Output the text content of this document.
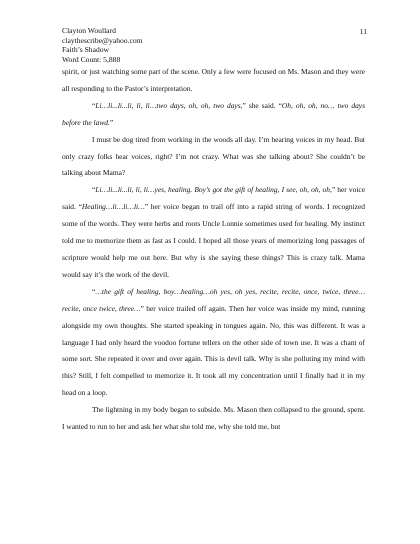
Clayton Woullard
claythescribe@yahoo.com
Faith’s Shadow
Word Count: 5,888
11

spirit, or just watching some part of the scene. Only a few were focused on Ms. Mason and they were all responding to the Pastor’s interpretation.

“Li…li...li...li, li, li…two days, oh, oh, two days,” she said. “Oh, oh, oh, no… two days before the lawd.”

I must be dog tired from working in the woods all day. I’m hearing voices in my head. But only crazy folks hear voices, right? I’m not crazy. What was she talking about? She couldn’t be talking about Mama?

“Li…li...li...li, li, li…yes, healing. Boy’s got the gift of healing, I see, oh, oh, oh,” her voice said. “Healing…li…li…li…” her voice began to trail off into a rapid string of words. I recognized some of the words. They were herbs and roots Uncle Lonnie sometimes used for healing. My instinct told me to memorize them as fast as I could. I hoped all those years of memorizing long passages of scripture would help me out here. But why is she saying these things? This is crazy talk. Mama would say it’s the work of the devil.

“…the gift of healing, boy…healing…oh yes, oh yes, recite, recite, once, twice, three…recite, once twice, three…” her voice trailed off again. Then her voice was inside my mind, running alongside my own thoughts. She started speaking in tongues again. No, this was different. It was a language I had only heard the voodoo fortune tellers on the other side of town use. It was a chant of some sort. She repeated it over and over again. This is devil talk. Why is she polluting my mind with this? Still, I felt compelled to memorize it. It took all my concentration until I finally had it in my head on a loop.

The lightning in my body began to subside. Ms. Mason then collapsed to the ground, spent. I wanted to run to her and ask her what she told me, why she told me, but
